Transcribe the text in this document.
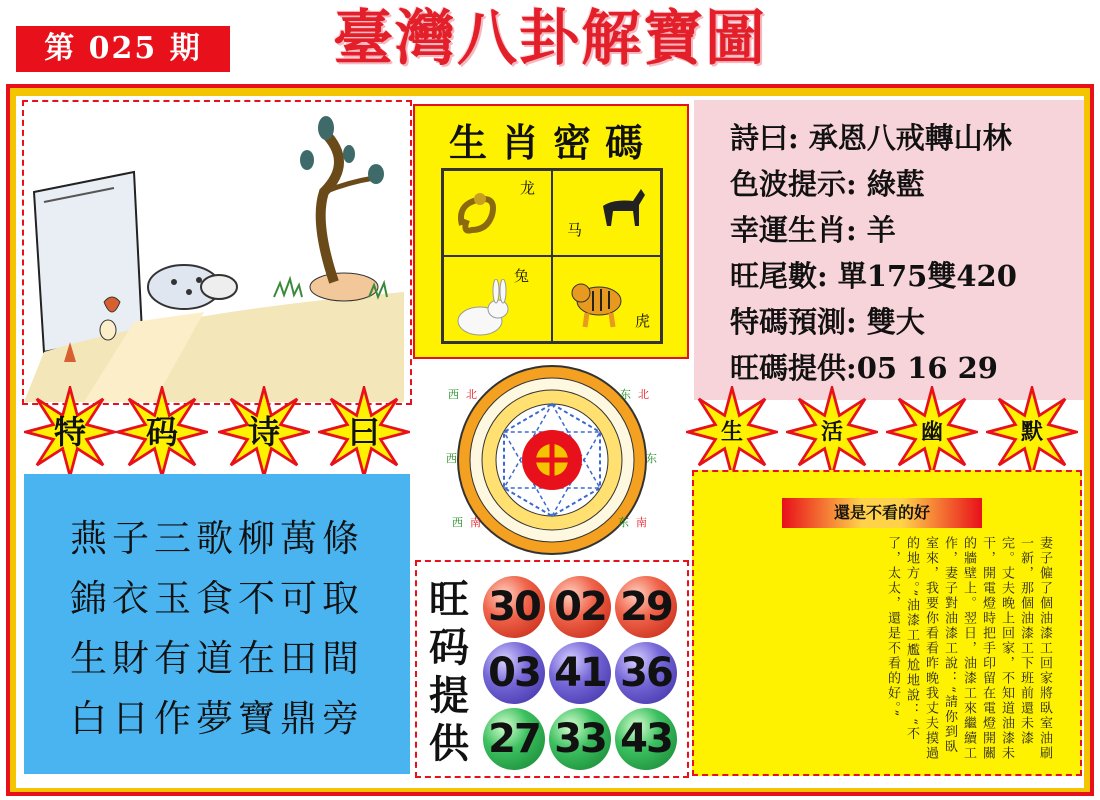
第 025 期	臺灣八卦解寶圖
生肖密碼
龙
马
兔
虎
詩曰: 承恩八戒轉山林
色波提示: 綠藍
幸運生肖: 羊
旺尾數: 單175雙420
特碼預測: 雙大
旺碼提供:05 16 29
特	码	诗	曰	生	活	幽	默
西 北	东 北
西	东
西 南	东 南
燕子三歌柳萬條
錦衣玉食不可取
生財有道在田間
白日作夢寶鼎旁
旺码提供
30 02 29
03 41 36
27 33 43
還是不看的好
妻子僱了個油漆工回家將臥室油刷一新，那個油漆工下班前還未漆完。丈夫晚上回家，不知道油漆未干，開電燈時把手印留在電燈開關的牆壁上。翌日，油漆工來繼續工作，妻子對油漆工說：“請你到臥室來，我要你看看昨晚我丈夫摸過的地方。”油漆工尷尬地說：“不了，太太，還是不看的好。”
